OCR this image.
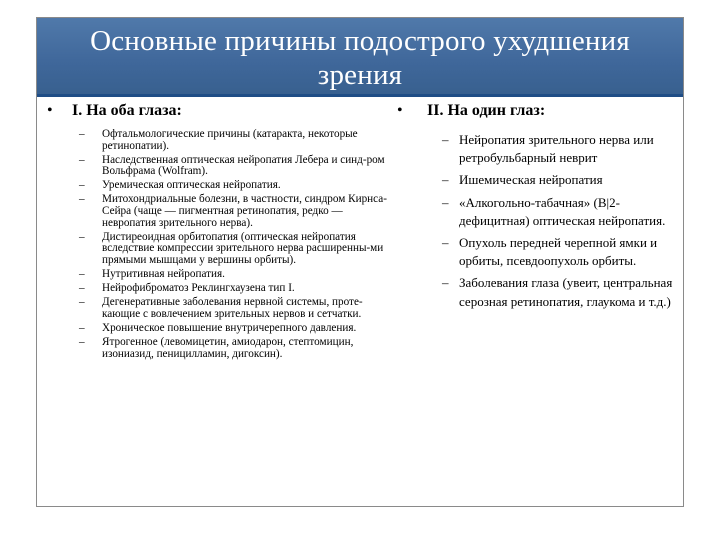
Основные причины подострого ухудшения
зрения
• I. На оба глаза:
– Офтальмологические причины (катаракта, некоторые ретинопатии).
– Наследственная оптическая нейропатия Лебера и синд-ром Вольфрама (Wolfram).
– Уремическая оптическая нейропатия.
– Митохондриальные болезни, в частности, синдром Кирнса-Сейра (чаще — пигментная ретинопатия, редко — невропатия зрительного нерва).
– Дистиреоидная орбитопатия (оптическая нейропатия вследствие компрессии зрительного нерва расширенны-ми прямыми мышцами у вершины орбиты).
– Нутритивная нейропатия.
– Нейрофиброматоз Реклингхаузена тип I.
– Дегенеративные заболевания нервной системы, проте-кающие с вовлечением зрительных нервов и сетчатки.
– Хроническое повышение внутричерепного давления.
– Ятрогенное (левомицетин, амиодарон, стептомицин, изониазид, пеницилламин, дигоксин).
• II. На один глаз:
– Нейропатия зрительного нерва или ретробульбарный неврит
– Ишемическая нейропатия
– «Алкогольно-табачная» (B|2-дефицитная) оптическая нейропатия.
– Опухоль передней черепной ямки и орбиты, псевдоопухоль орбиты.
– Заболевания глаза (увеит, центральная серозная ретинопатия, глаукома и т.д.)
